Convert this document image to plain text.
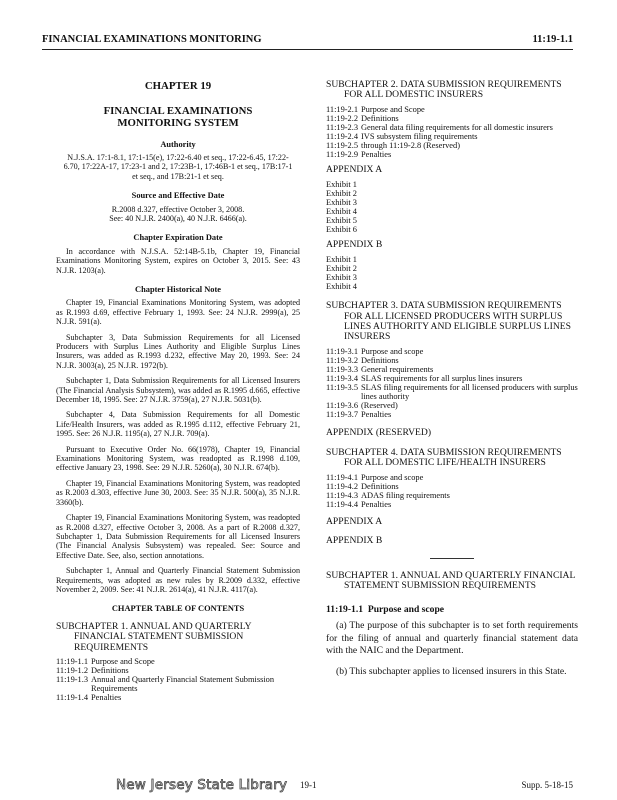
FINANCIAL EXAMINATIONS MONITORING	11:19-1.1
CHAPTER 19
FINANCIAL EXAMINATIONS
MONITORING SYSTEM
Authority
N.J.S.A. 17:1-8.1, 17:1-15(e), 17:22-6.40 et seq., 17:22-6.45, 17:22-6.70, 17:22A-17, 17:23-1 and 2, 17:23B-1, 17:46B-1 et seq., 17B:17-1 et seq., and 17B:21-1 et seq.
Source and Effective Date
R.2008 d.327, effective October 3, 2008.
See: 40 N.J.R. 2400(a), 40 N.J.R. 6466(a).
Chapter Expiration Date

In accordance with N.J.S.A. 52:14B-5.1b, Chapter 19, Financial Examinations Monitoring System, expires on October 3, 2015. See: 43 N.J.R. 1203(a).

Chapter Historical Note

Chapter 19, Financial Examinations Monitoring System, was adopted as R.1993 d.69, effective February 1, 1993. See: 24 N.J.R. 2999(a), 25 N.J.R. 591(a).

Subchapter 3, Data Submission Requirements for all Licensed Producers with Surplus Lines Authority and Eligible Surplus Lines Insurers, was added as R.1993 d.232, effective May 20, 1993. See: 24 N.J.R. 3003(a), 25 N.J.R. 1972(b).

Subchapter 1, Data Submission Requirements for all Licensed Insurers (The Financial Analysis Subsystem), was added as R.1995 d.665, effective December 18, 1995. See: 27 N.J.R. 3759(a), 27 N.J.R. 5031(b).

Subchapter 4, Data Submission Requirements for all Domestic Life/Health Insurers, was added as R.1995 d.112, effective February 21, 1995. See: 26 N.J.R. 1195(a), 27 N.J.R. 709(a).

Pursuant to Executive Order No. 66(1978), Chapter 19, Financial Examinations Monitoring System, was readopted as R.1998 d.109, effective January 23, 1998. See: 29 N.J.R. 5260(a), 30 N.J.R. 674(b).

Chapter 19, Financial Examinations Monitoring System, was readopted as R.2003 d.303, effective June 30, 2003. See: 35 N.J.R. 500(a), 35 N.J.R. 3360(b).

Chapter 19, Financial Examinations Monitoring System, was readopted as R.2008 d.327, effective October 3, 2008. As a part of R.2008 d.327, Subchapter 1, Data Submission Requirements for all Licensed Insurers (The Financial Analysis Subsystem) was repealed. See: Source and Effective Date. See, also, section annotations.

Subchapter 1, Annual and Quarterly Financial Statement Submission Requirements, was adopted as new rules by R.2009 d.332, effective November 2, 2009. See: 41 N.J.R. 2614(a), 41 N.J.R. 4117(a).

CHAPTER TABLE OF CONTENTS
SUBCHAPTER 1. ANNUAL AND QUARTERLY FINANCIAL STATEMENT SUBMISSION REQUIREMENTS
11:19-1.1 Purpose and Scope
11:19-1.2 Definitions
11:19-1.3 Annual and Quarterly Financial Statement Submission Requirements
11:19-1.4 Penalties
SUBCHAPTER 2. DATA SUBMISSION REQUIREMENTS FOR ALL DOMESTIC INSURERS
11:19-2.1 Purpose and Scope
11:19-2.2 Definitions
11:19-2.3 General data filing requirements for all domestic insurers
11:19-2.4 IVS subsystem filing requirements
11:19-2.5 through 11:19-2.8 (Reserved)
11:19-2.9 Penalties
APPENDIX A
Exhibit 1
Exhibit 2
Exhibit 3
Exhibit 4
Exhibit 5
Exhibit 6
APPENDIX B
Exhibit 1
Exhibit 2
Exhibit 3
Exhibit 4
SUBCHAPTER 3. DATA SUBMISSION REQUIREMENTS FOR ALL LICENSED PRODUCERS WITH SURPLUS LINES AUTHORITY AND ELIGIBLE SURPLUS LINES INSURERS
11:19-3.1 Purpose and scope
11:19-3.2 Definitions
11:19-3.3 General requirements
11:19-3.4 SLAS requirements for all surplus lines insurers
11:19-3.5 SLAS filing requirements for all licensed producers with surplus lines authority
11:19-3.6 (Reserved)
11:19-3.7 Penalties
APPENDIX (RESERVED)
SUBCHAPTER 4. DATA SUBMISSION REQUIREMENTS FOR ALL DOMESTIC LIFE/HEALTH INSURERS
11:19-4.1 Purpose and scope
11:19-4.2 Definitions
11:19-4.3 ADAS filing requirements
11:19-4.4 Penalties
APPENDIX A
APPENDIX B
SUBCHAPTER 1. ANNUAL AND QUARTERLY FINANCIAL STATEMENT SUBMISSION REQUIREMENTS
11:19-1.1 Purpose and scope

(a) The purpose of this subchapter is to set forth requirements for the filing of annual and quarterly financial statement data with the NAIC and the Department.

(b) This subchapter applies to licensed insurers in this State.

New Jersey State Library 19-1	Supp. 5-18-15
